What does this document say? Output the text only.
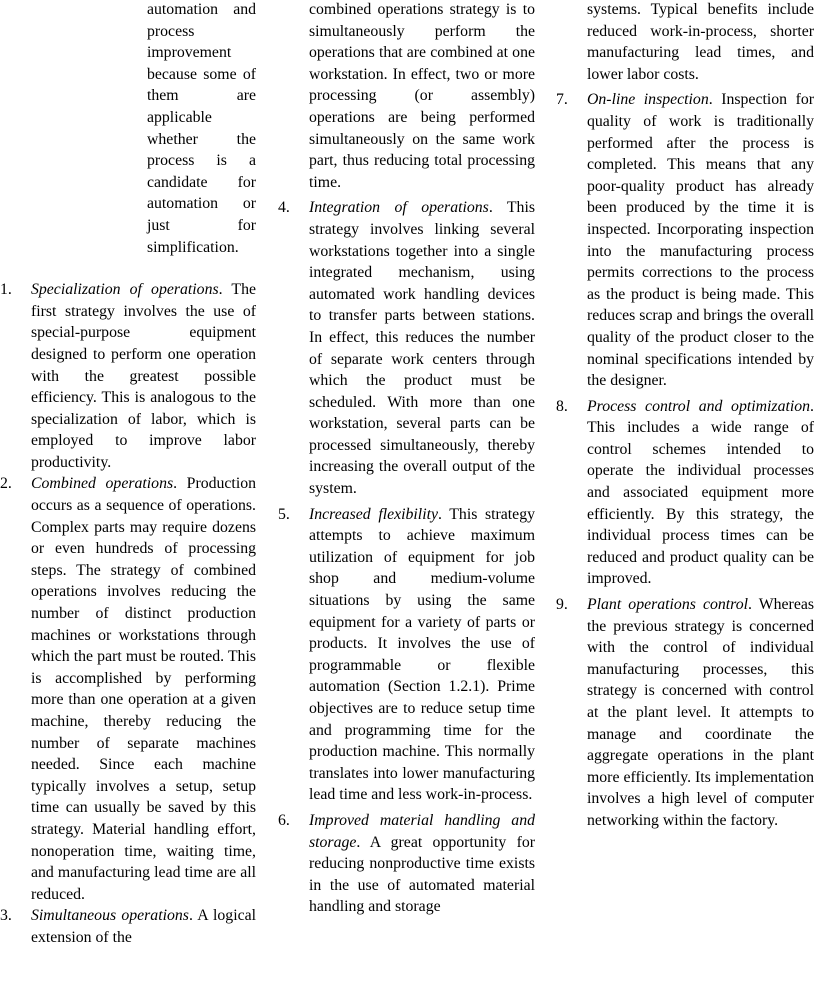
automation and process improvement because some of them are applicable whether the process is a candidate for automation or just for simplification.
1.	Specialization of operations. The first strategy involves the use of special-purpose equipment designed to perform one operation with the greatest possible efficiency. This is analogous to the specialization of labor, which is employed to improve labor productivity.
2.	Combined operations. Production occurs as a sequence of operations. Complex parts may require dozens or even hundreds of processing steps. The strategy of combined operations involves reducing the number of distinct production machines or workstations through which the part must be routed. This is accomplished by performing more than one operation at a given machine, thereby reducing the number of separate machines needed. Since each machine typically involves a setup, setup time can usually be saved by this strategy. Material handling effort, nonoperation time, waiting time, and manufacturing lead time are all reduced.
3.	Simultaneous operations. A logical extension of the
combined operations strategy is to simultaneously perform the operations that are combined at one workstation. In effect, two or more processing (or assembly) operations are being performed simultaneously on the same work part, thus reducing total processing time.
4.	Integration of operations. This strategy involves linking several workstations together into a single integrated mechanism, using automated work handling devices to transfer parts between stations. In effect, this reduces the number of separate work centers through which the product must be scheduled. With more than one workstation, several parts can be processed simultaneously, thereby increasing the overall output of the system.
5.	Increased flexibility. This strategy attempts to achieve maximum utilization of equipment for job shop and medium-volume situations by using the same equipment for a variety of parts or products. It involves the use of programmable or flexible automation (Section 1.2.1). Prime objectives are to reduce setup time and programming time for the production machine. This normally translates into lower manufacturing lead time and less work-in-process.
6.	Improved material handling and storage. A great opportunity for reducing nonproductive time exists in the use of automated material handling and storage
systems. Typical benefits include reduced work-in-process, shorter manufacturing lead times, and lower labor costs.
7.	On-line inspection. Inspection for quality of work is traditionally performed after the process is completed. This means that any poor-quality product has already been produced by the time it is inspected. Incorporating inspection into the manufacturing process permits corrections to the process as the product is being made. This reduces scrap and brings the overall quality of the product closer to the nominal specifications intended by the designer.
8.	Process control and optimization. This includes a wide range of control schemes intended to operate the individual processes and associated equipment more efficiently. By this strategy, the individual process times can be reduced and product quality can be improved.
9.	Plant operations control. Whereas the previous strategy is concerned with the control of individual manufacturing processes, this strategy is concerned with control at the plant level. It attempts to manage and coordinate the aggregate operations in the plant more efficiently. Its implementation involves a high level of computer networking within the factory.
